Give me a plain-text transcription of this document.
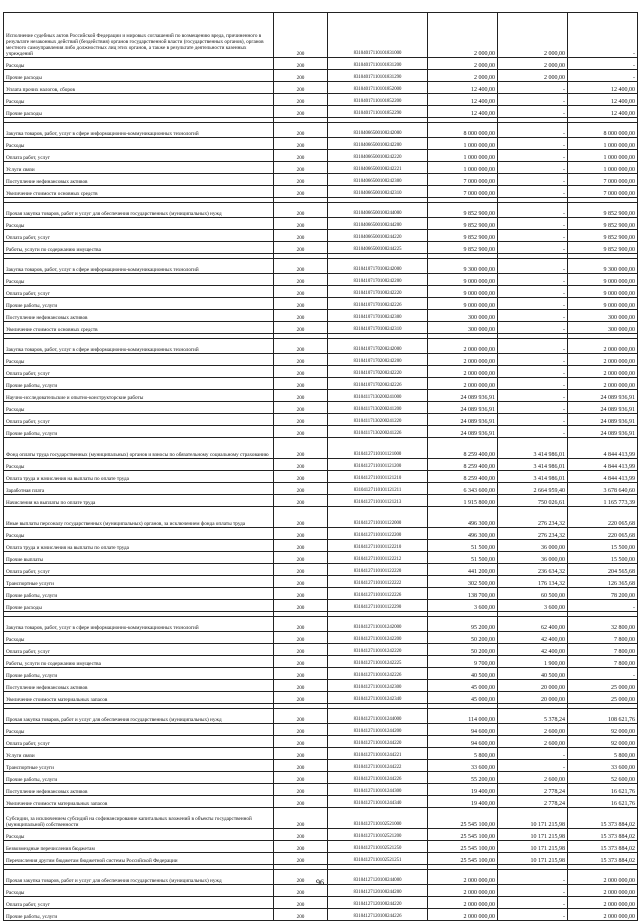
Исполнение судебных актов Российской Федерации и мировых соглашений по возмещению вреда, причиненного в результате незаконных действий (бездействия) органов государственной власти (государственных органов), органов местного самоуправления либо должностных лиц этих органов, а также в результате деятельности казенных учреждений	200	83104017110101831000	2 000,00	2 000,00	-
Расходы	200	83104017110101831200	2 000,00	2 000,00	-
Прочие расходы	200	83104017110101831290	2 000,00	2 000,00	-
Уплата прочих налогов, сборов	200	83104017110101852000	12 400,00	-	12 400,00
Расходы	200	83104017110101852200	12 400,00	-	12 400,00
Прочие расходы	200	83104017110101852290	12 400,00	-	12 400,00

Закупка товаров, работ, услуг в сфере информационно-коммуникационных технологий	200	83104066500100242000	8 000 000,00	-	8 000 000,00
Расходы	200	83104066500100242200	1 000 000,00	-	1 000 000,00
Оплата работ, услуг	200	83104066500100242220	1 000 000,00	-	1 000 000,00
Услуги связи	200	83104066500100242221	1 000 000,00	-	1 000 000,00
Поступление нефинансовых активов	200	83104066500100242300	7 000 000,00	-	7 000 000,00
Увеличение стоимости основных средств	200	83104066500100242310	7 000 000,00	-	7 000 000,00

Прочая закупка товаров, работ и услуг для обеспечения государственных (муниципальных) нужд	200	83104066500100244000	9 852 900,00	-	9 852 900,00
Расходы	200	83104066500100244200	9 852 900,00	-	9 852 900,00
Оплата работ, услуг	200	83104066500100244220	9 852 900,00	-	9 852 900,00
Работы, услуги по содержанию имущества	200	83104066500100244225	9 852 900,00	-	9 852 900,00

Закупка товаров, работ, услуг в сфере информационно-коммуникационных технологий	200	83104107170100242000	9 300 000,00	-	9 300 000,00
Расходы	200	83104107170100242200	9 000 000,00	-	9 000 000,00
Оплата работ, услуг	200	83104107170100242220	9 000 000,00	-	9 000 000,00
Прочие работы, услуги	200	83104107170100242226	9 000 000,00	-	9 000 000,00
Поступление нефинансовых активов	200	83104107170100242300	300 000,00	-	300 000,00
Увеличение стоимости основных средств	200	83104107170100242310	300 000,00	-	300 000,00

Закупка товаров, работ, услуг в сфере информационно-коммуникационных технологий	200	83104107170200242000	2 000 000,00	-	2 000 000,00
Расходы	200	83104107170200242200	2 000 000,00	-	2 000 000,00
Оплата работ, услуг	200	83104107170200242220	2 000 000,00	-	2 000 000,00
Прочие работы, услуги	200	83104107170200242226	2 000 000,00	-	2 000 000,00
Научно-исследовательские и опытно-конструкторские работы	200	83104117130200241000	24 089 936,91	-	24 089 936,91
Расходы	200	83104117130200241200	24 089 936,91	-	24 089 936,91
Оплата работ, услуг	200	83104117130200241220	24 089 936,91	-	24 089 936,91
Прочие работы, услуги	200	83104117130200241226	24 089 936,91	-	24 089 936,91
Фонд оплаты труда государственных (муниципальных) органов и взносы по обязательному социальному страхованию	200	83104127110101121000	8 259 400,00	3 414 986,01	4 844 413,99
Расходы	200	83104127110101121200	8 259 400,00	3 414 986,01	4 844 413,99
Оплата труда и начисления на выплаты по оплате труда	200	83104127110101121210	8 259 400,00	3 414 986,01	4 844 413,99
Заработная плата	200	83104127110101121211	6 343 600,00	2 664 959,40	3 678 640,60
Начисления на выплаты по оплате труда	200	83104127110101121213	1 915 800,00	750 026,61	1 165 773,39
Иные выплаты персоналу государственных (муниципальных) органов, за исключением фонда оплаты труда	200	83104127110101122000	496 300,00	276 234,32	220 065,68
Расходы	200	83104127110101122200	496 300,00	276 234,32	220 065,68
Оплата труда и начисления на выплаты по оплате труда	200	83104127110101122210	51 500,00	36 000,00	15 500,00
Прочие выплаты	200	83104127110101122212	51 500,00	36 000,00	15 500,00
Оплата работ, услуг	200	83104127110101122220	441 200,00	236 634,32	204 565,68
Транспортные услуги	200	83104127110101122222	302 500,00	176 134,32	126 365,68
Прочие работы, услуги	200	83104127110101122226	138 700,00	60 500,00	78 200,00
Прочие расходы	200	83104127110101122290	3 600,00	3 600,00	-

Закупка товаров, работ, услуг в сфере информационно-коммуникационных технологий	200	83104127110101242000	95 200,00	62 400,00	32 800,00
Расходы	200	83104127110101242200	50 200,00	42 400,00	7 800,00
Оплата работ, услуг	200	83104127110101242220	50 200,00	42 400,00	7 800,00
Работы, услуги по содержанию имущества	200	83104127110101242225	9 700,00	1 900,00	7 800,00
Прочие работы, услуги	200	83104127110101242226	40 500,00	40 500,00	-
Поступление нефинансовых активов	200	83104127110101242300	45 000,00	20 000,00	25 000,00
Увеличение стоимости материальных запасов	200	83104127110101242340	45 000,00	20 000,00	25 000,00

Прочая закупка товаров, работ и услуг для обеспечения государственных (муниципальных) нужд	200	83104127110101244000	114 000,00	5 378,24	108 621,76
Расходы	200	83104127110101244200	94 600,00	2 600,00	92 000,00
Оплата работ, услуг	200	83104127110101244220	94 600,00	2 600,00	92 000,00
Услуги связи	200	83104127110101244221	5 800,00	-	5 800,00
Транспортные услуги	200	83104127110101244222	33 600,00	-	33 600,00
Прочие работы, услуги	200	83104127110101244226	55 200,00	2 600,00	52 600,00
Поступление нефинансовых активов	200	83104127110101244300	19 400,00	2 778,24	16 621,76
Увеличение стоимости материальных запасов	200	83104127110101244340	19 400,00	2 778,24	16 621,76
Субсидии, за исключением субсидий на софинансирование капитальных вложений в объекты государственной (муниципальной) собственности	200	83104127110102521000	25 545 100,00	10 171 215,98	15 373 884,02
Расходы	200	83104127110102521200	25 545 100,00	10 171 215,98	15 373 884,02
Безвозмездные перечисления бюджетам	200	83104127110102521250	25 545 100,00	10 171 215,98	15 373 884,02
Перечисления другим бюджетам бюджетной системы Российской Федерации	200	83104127110102521251	25 545 100,00	10 171 215,98	15 373 884,02

Прочая закупка товаров, работ и услуг для обеспечения государственных (муниципальных) нужд	200	83104127120100244000	2 000 000,00	-	2 000 000,00
Расходы	200	83104127120100244200	2 000 000,00	-	2 000 000,00
Оплата работ, услуг	200	83104127120100244220	2 000 000,00	-	2 000 000,00
Прочие работы, услуги	200	83104127120100244226	2 000 000,00	-	2 000 000,00
96
